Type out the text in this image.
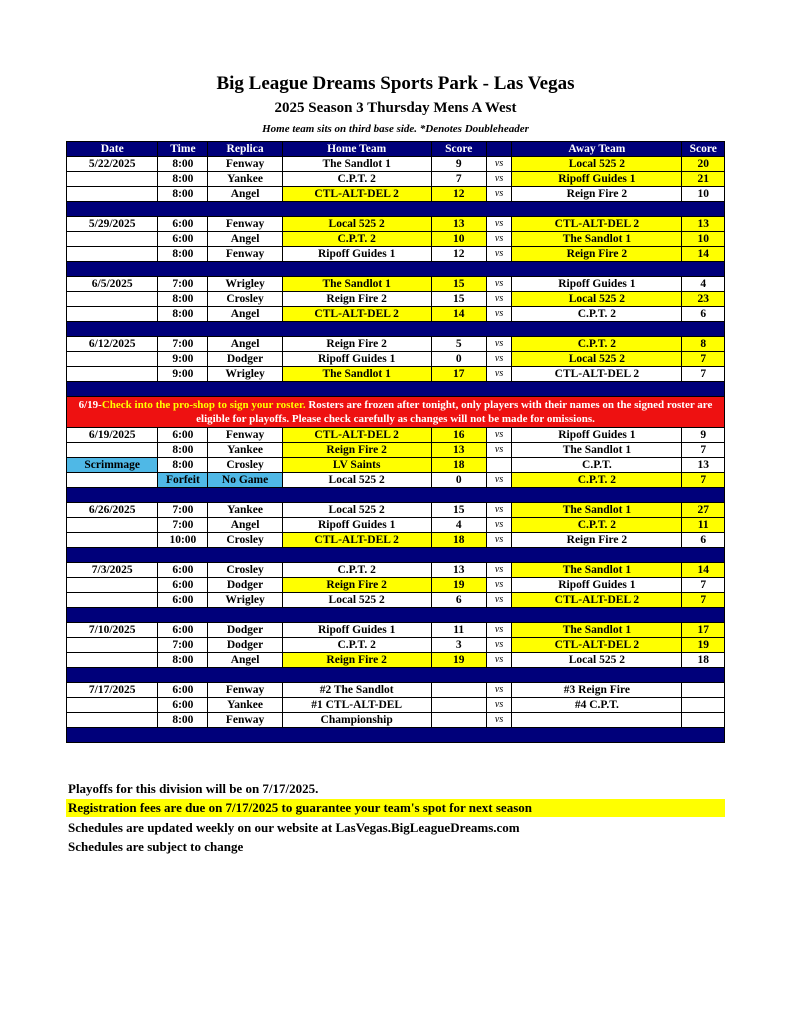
Big League Dreams Sports Park - Las Vegas
2025 Season 3 Thursday Mens A West
Home team sits on third base side. *Denotes Doubleheader
Date	Time	Replica	Home Team	Score		Away Team	Score
5/22/2025	8:00	Fenway	The Sandlot 1	9	vs	Local 525 2	20
	8:00	Yankee	C.P.T. 2	7	vs	Ripoff Guides 1	21
	8:00	Angel	CTL-ALT-DEL 2	12	vs	Reign Fire 2	10

5/29/2025	6:00	Fenway	Local 525 2	13	vs	CTL-ALT-DEL 2	13
	6:00	Angel	C.P.T. 2	10	vs	The Sandlot 1	10
	8:00	Fenway	Ripoff Guides 1	12	vs	Reign Fire 2	14

6/5/2025	7:00	Wrigley	The Sandlot 1	15	vs	Ripoff Guides 1	4
	8:00	Crosley	Reign Fire 2	15	vs	Local 525 2	23
	8:00	Angel	CTL-ALT-DEL 2	14	vs	C.P.T. 2	6

6/12/2025	7:00	Angel	Reign Fire 2	5	vs	C.P.T. 2	8
	9:00	Dodger	Ripoff Guides 1	0	vs	Local 525 2	7
	9:00	Wrigley	The Sandlot 1	17	vs	CTL-ALT-DEL 2	7

6/19-Check into the pro-shop to sign your roster. Rosters are frozen after tonight, only players with their names on the signed roster are eligible for playoffs. Please check carefully as changes will not be made for omissions.							
6/19/2025	6:00	Fenway	CTL-ALT-DEL 2	16	vs	Ripoff Guides 1	9
	8:00	Yankee	Reign Fire 2	13	vs	The Sandlot 1	7
Scrimmage	8:00	Crosley	LV Saints	18		C.P.T.	13
	Forfeit	No Game	Local 525 2	0	vs	C.P.T. 2	7

6/26/2025	7:00	Yankee	Local 525 2	15	vs	The Sandlot 1	27
	7:00	Angel	Ripoff Guides 1	4	vs	C.P.T. 2	11
	10:00	Crosley	CTL-ALT-DEL 2	18	vs	Reign Fire 2	6

7/3/2025	6:00	Crosley	C.P.T. 2	13	vs	The Sandlot 1	14
	6:00	Dodger	Reign Fire 2	19	vs	Ripoff Guides 1	7
	6:00	Wrigley	Local 525 2	6	vs	CTL-ALT-DEL 2	7

7/10/2025	6:00	Dodger	Ripoff Guides 1	11	vs	The Sandlot 1	17
	7:00	Dodger	C.P.T. 2	3	vs	CTL-ALT-DEL 2	19
	8:00	Angel	Reign Fire 2	19	vs	Local 525 2	18

7/17/2025	6:00	Fenway	#2 The Sandlot		vs	#3 Reign Fire	
	6:00	Yankee	#1 CTL-ALT-DEL		vs	#4 C.P.T.	
	8:00	Fenway	Championship		vs		

Playoffs for this division will be on 7/17/2025.
Registration fees are due on 7/17/2025 to guarantee your team's spot for next season
Schedules are updated weekly on our website at LasVegas.BigLeagueDreams.com
Schedules are subject to change
